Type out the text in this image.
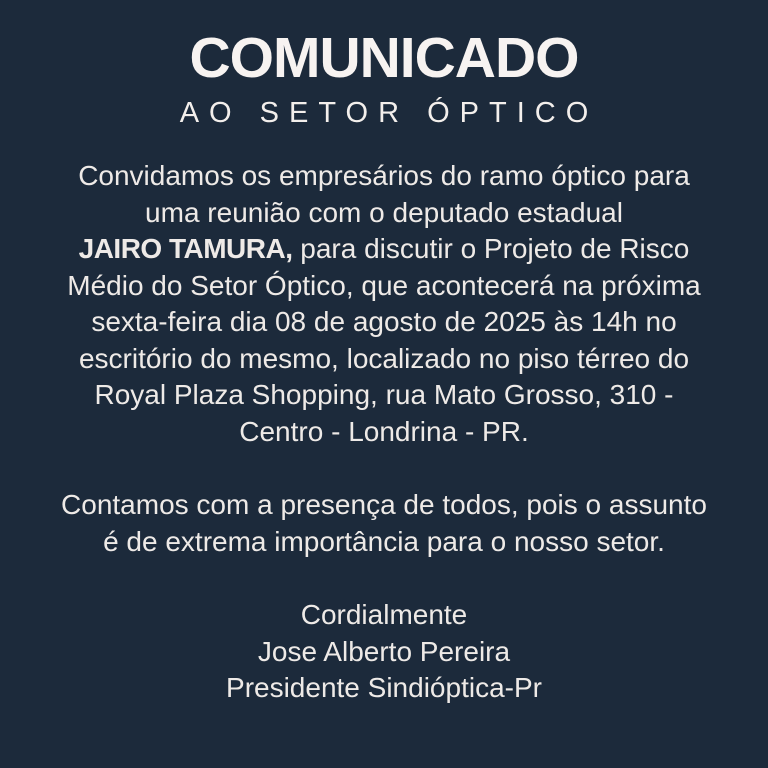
COMUNICADO
AO SETOR ÓPTICO

Convidamos os empresários do ramo óptico para
uma reunião com o deputado estadual
JAIRO TAMURA, para discutir o Projeto de Risco
Médio do Setor Óptico, que acontecerá na próxima
sexta-feira dia 08 de agosto de 2025 às 14h no
escritório do mesmo, localizado no piso térreo do
Royal Plaza Shopping, rua Mato Grosso, 310 -
Centro - Londrina - PR.

Contamos com a presença de todos, pois o assunto
é de extrema importância para o nosso setor.

Cordialmente
Jose Alberto Pereira
Presidente Sindióptica-Pr
